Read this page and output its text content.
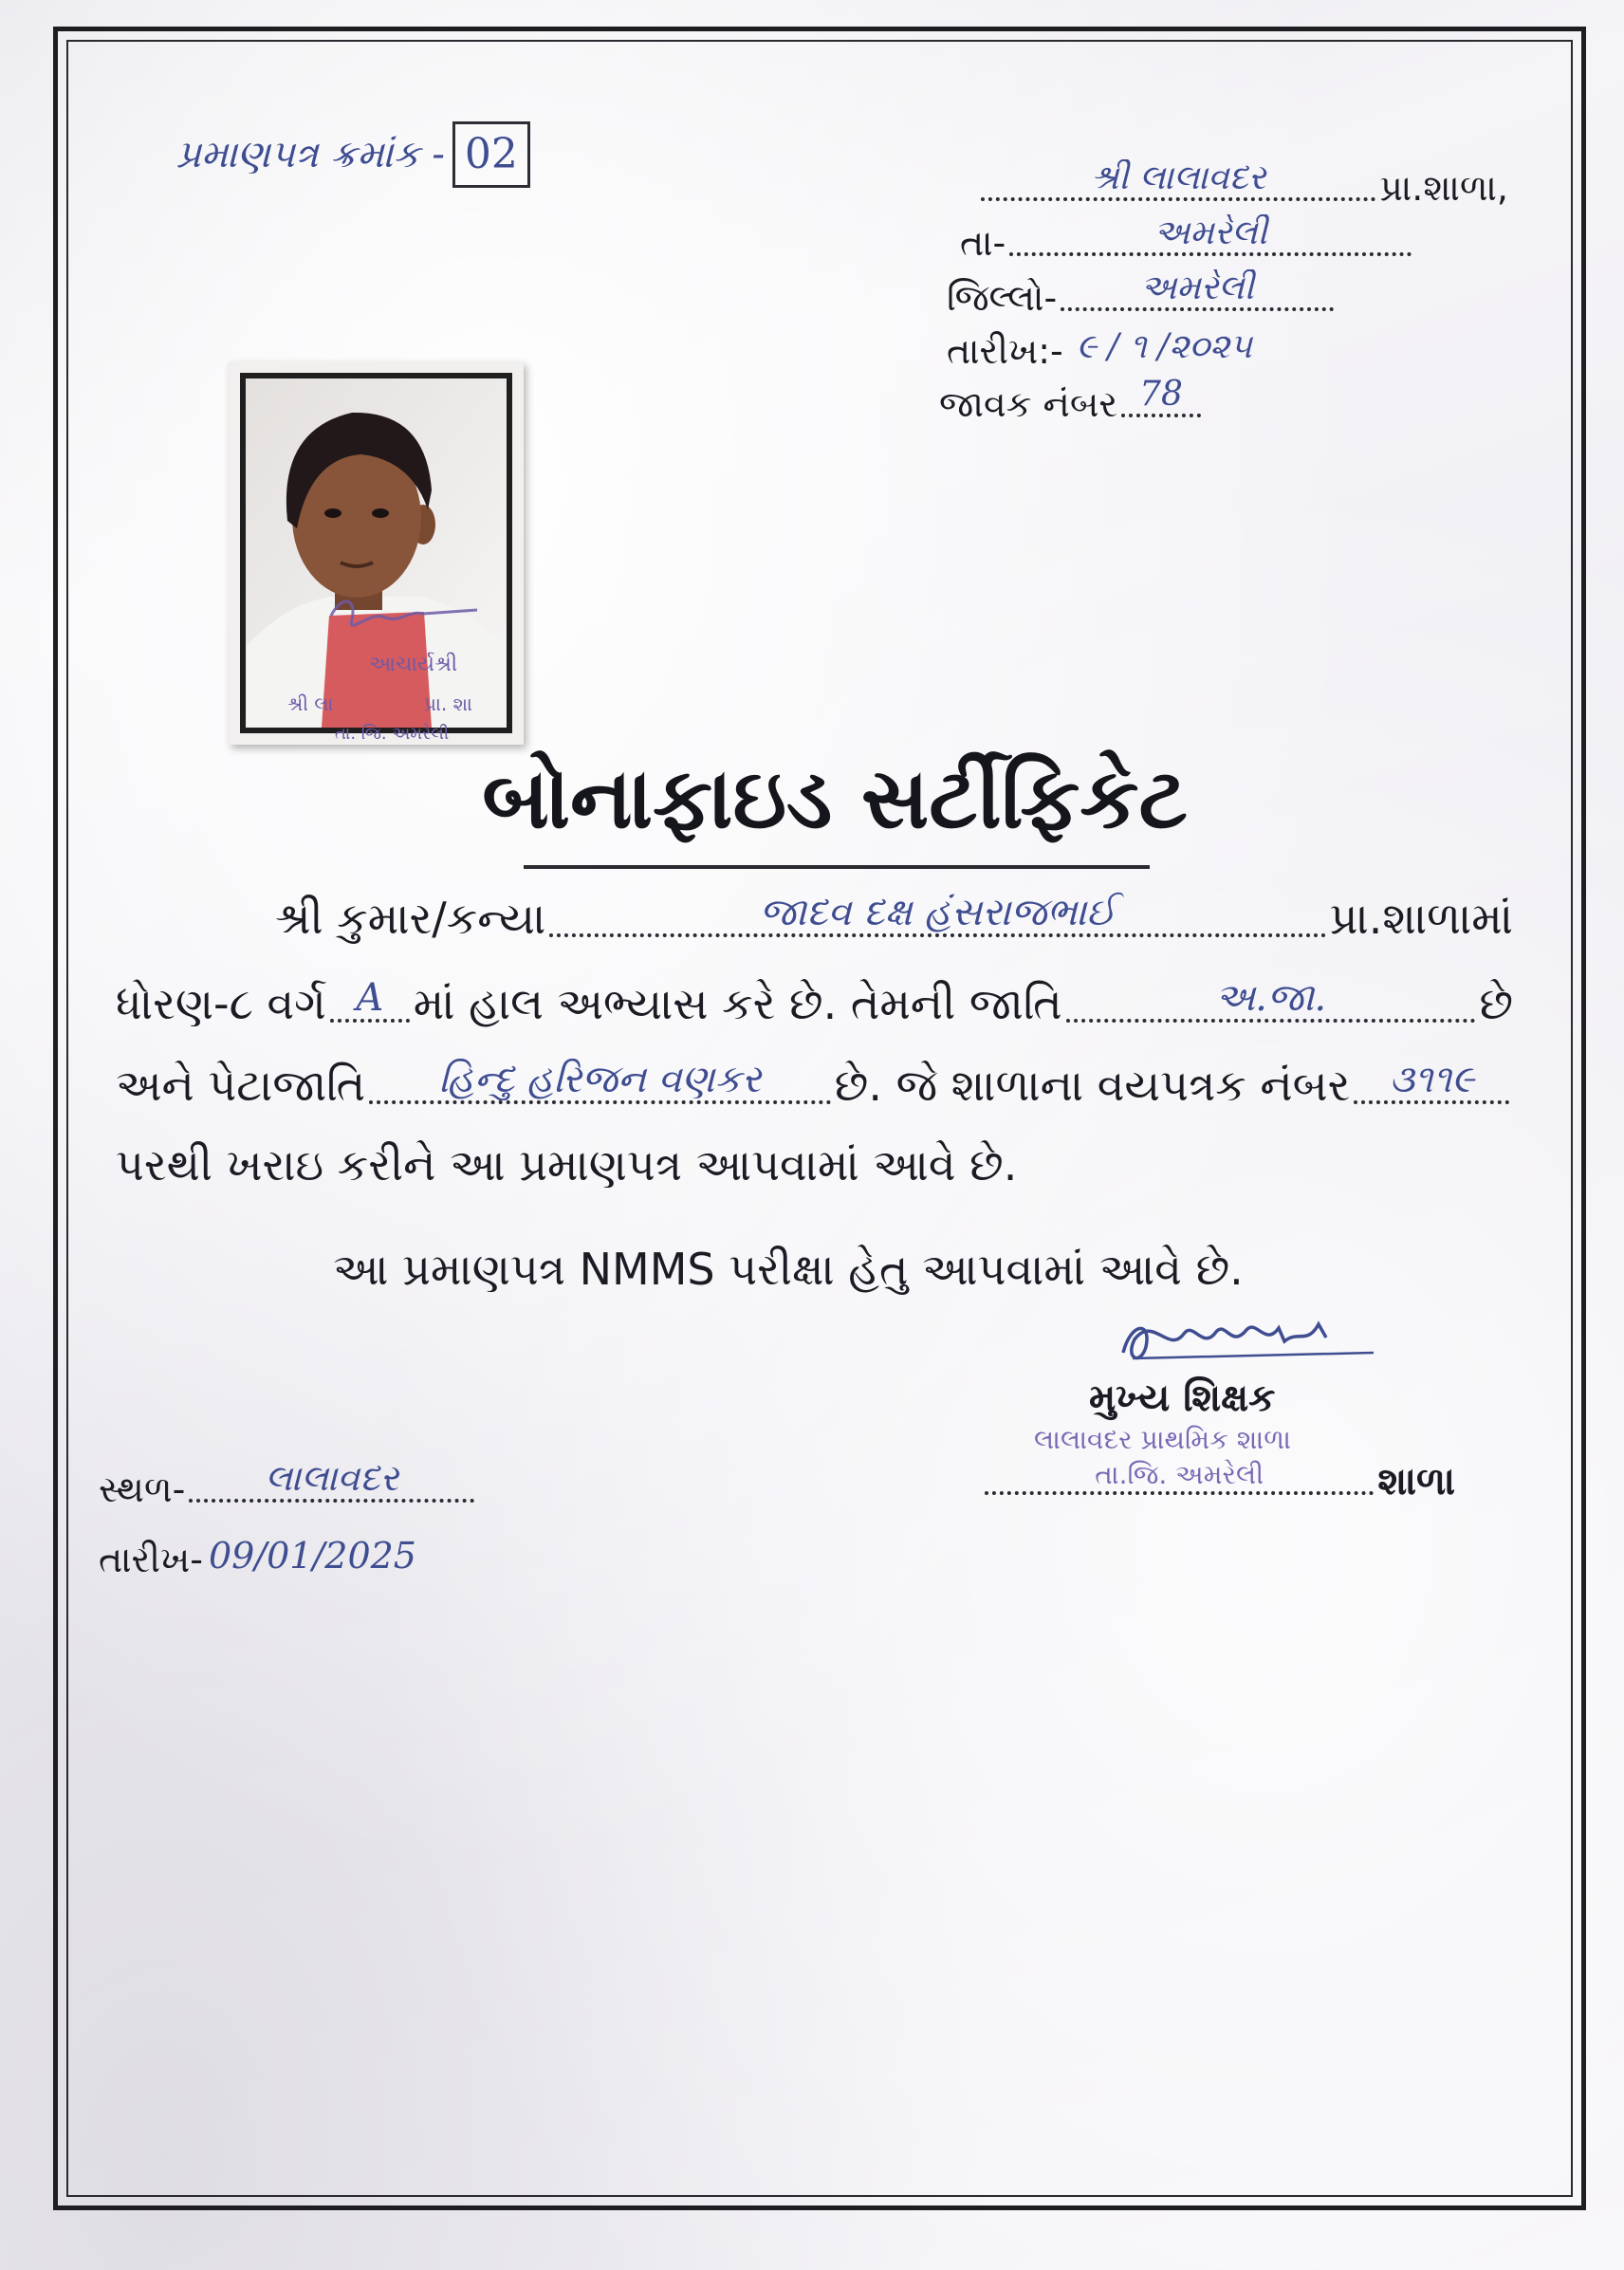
પ્રમાણપત્ર ક્રમાંક - 02	શ્રી લાલાવદર	પ્રા.શાળા,
તા-	અમરેલી
જિલ્લો- અમરેલી
તારીખ:- ૯ / ૧ /૨૦૨૫
જાવક નંબર 78
આચાર્યશ્રી
શ્રી લા	પ્રા. શા
તા. જિ. અમરેલી
બોનાફાઇડ સર્ટીફિકેટ
શ્રી કુમાર/કન્યા	જાદવ દક્ષ હંસરાજભાઈ	પ્રા.શાળામાં
ધોરણ-૮ વર્ગ A માં હાલ અભ્યાસ કરે છે. તેમની જાતિ	અ.જા.	છે
અને પેટાજાતિ હિન્દુ હરિજન વણકર છે. જે શાળાના વયપત્રક નંબર ૩૧૧૯
પરથી ખરાઇ કરીને આ પ્રમાણપત્ર આપવામાં આવે છે.
આ પ્રમાણપત્ર NMMS પરીક્ષા હેતુ આપવામાં આવે છે.
મુખ્ય શિક્ષક
લાલાવદર પ્રાથમિક શાળા
તા.જિ. અમરેલી	શાળા
સ્થળ- લાલાવદર
તારીખ- 09/01/2025
